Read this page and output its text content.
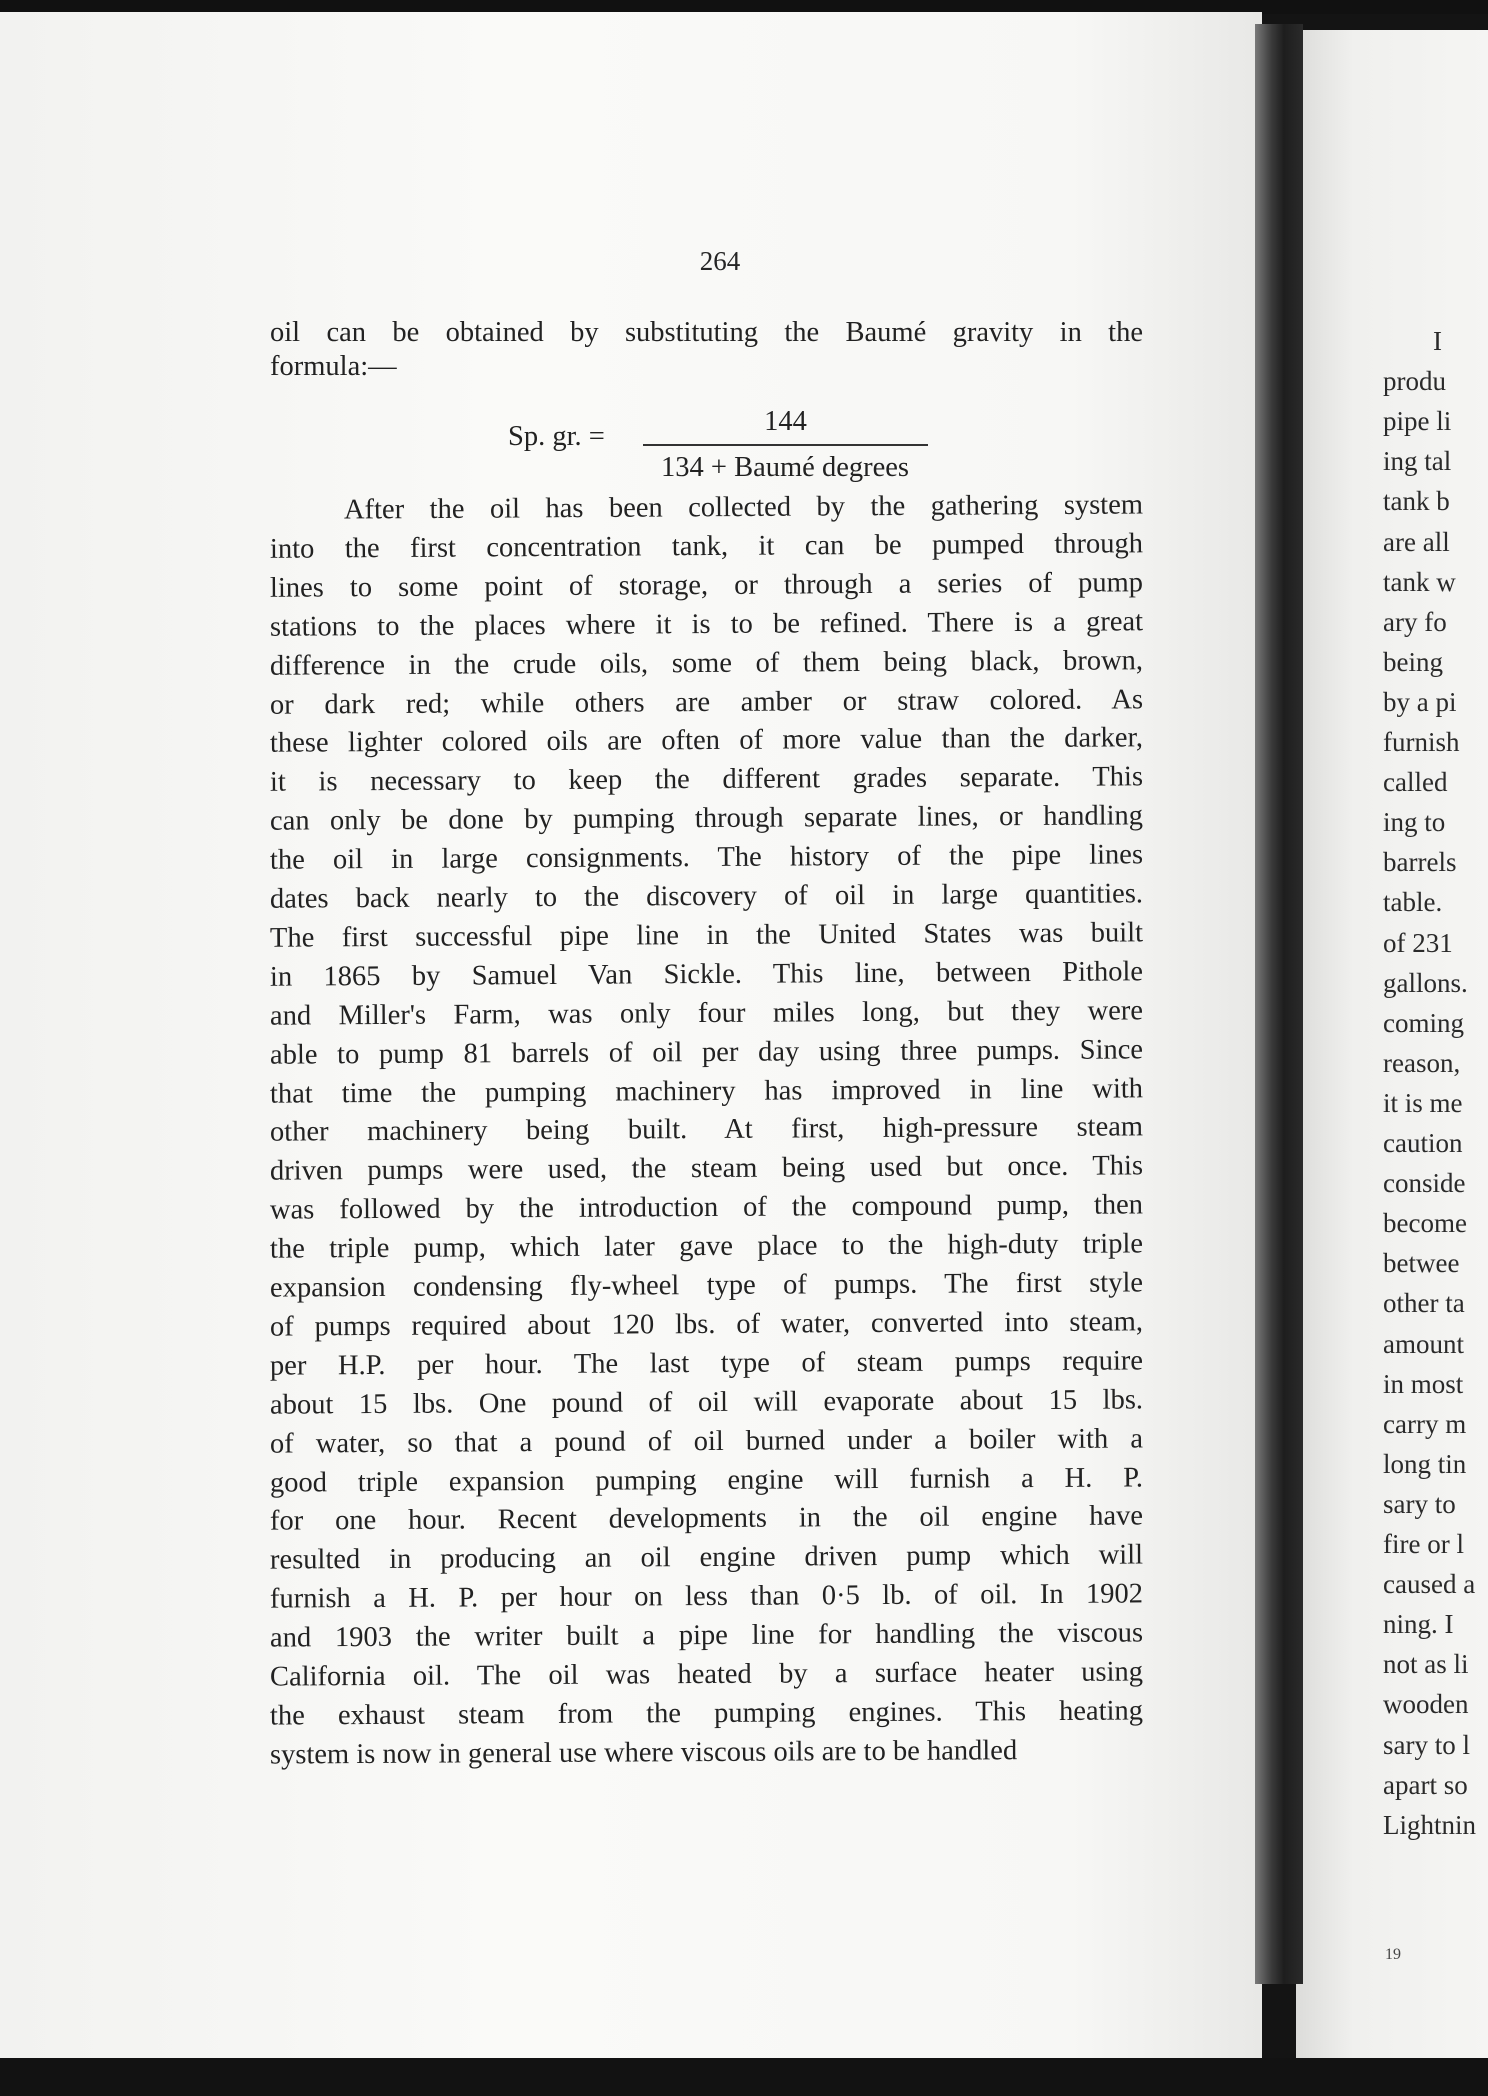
264
oil can be obtained by substituting the Baumé gravity in the
formula:—
Sp. gr. =	144
134 + Baumé degrees
After the oil has been collected by the gathering system
into the first concentration tank, it can be pumped through
lines to some point of storage, or through a series of pump
stations to the places where it is to be refined. There is a great
difference in the crude oils, some of them being black, brown,
or dark red; while others are amber or straw colored. As
these lighter colored oils are often of more value than the darker,
it is necessary to keep the different grades separate. This
can only be done by pumping through separate lines, or handling
the oil in large consignments. The history of the pipe lines
dates back nearly to the discovery of oil in large quantities.
The first successful pipe line in the United States was built
in 1865 by Samuel Van Sickle. This line, between Pithole
and Miller's Farm, was only four miles long, but they were
able to pump 81 barrels of oil per day using three pumps. Since
that time the pumping machinery has improved in line with
other machinery being built. At first, high-pressure steam
driven pumps were used, the steam being used but once. This
was followed by the introduction of the compound pump, then
the triple pump, which later gave place to the high-duty triple
expansion condensing fly-wheel type of pumps. The first style
of pumps required about 120 lbs. of water, converted into steam,
per H.P. per hour. The last type of steam pumps require
about 15 lbs. One pound of oil will evaporate about 15 lbs.
of water, so that a pound of oil burned under a boiler with a
good triple expansion pumping engine will furnish a H. P.
for one hour. Recent developments in the oil engine have
resulted in producing an oil engine driven pump which will
furnish a H. P. per hour on less than 0·5 lb. of oil. In 1902
and 1903 the writer built a pipe line for handling the viscous
California oil. The oil was heated by a surface heater using
the exhaust steam from the pumping engines. This heating
system is now in general use where viscous oils are to be handled
I
produ
pipe li
ing tal
tank b
are all
tank w
ary fo
being
by a pi
furnish
called
ing to
barrels
table.
of 231
gallons.
coming
reason,
it is me
caution
conside
become
betwee
other ta
amount
in most
carry m
long tin
sary to
fire or l
caused a
ning. I
not as li
wooden
sary to l
apart so
Lightnin
19
